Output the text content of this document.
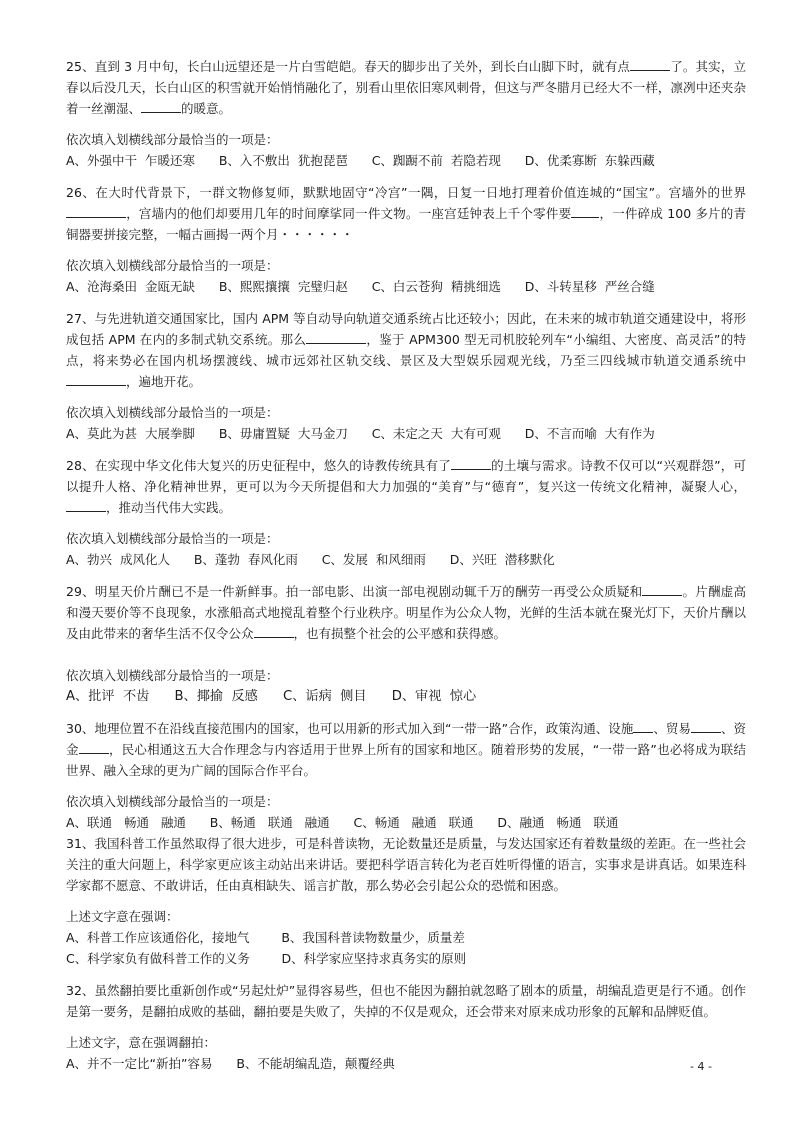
25、直到 3 月中旬，长白山远望还是一片白雪皑皑。春天的脚步出了关外，到长白山脚下时，就有点	了。其实，立春以后没几天，长白山区的积雪就开始悄悄融化了，别看山里依旧寒风刺骨，但这与严冬腊月已经大不一样，凛冽中还夹杂着一丝潮湿、	的暖意。

依次填入划横线部分最恰当的一项是：

A、外强中干  乍暖还寒      B、入不敷出  犹抱琵琶      C、踟蹰不前  若隐若现      D、优柔寡断  东躲西藏

26、在大时代背景下，一群文物修复师，默默地固守“冷宫”一隅，日复一日地打理着价值连城的“国宝”。宫墙外的世界，宫墙内的他们却要用几年的时间摩挲同一件文物。一座宫廷钟表上千个零件要 ，一件碎成 100 多片的青铜器要拼接完整，一幅古画揭一两个月・・・・・・

依次填入划横线部分最恰当的一项是：

A、沧海桑田  金瓯无缺      B、熙熙攘攘  完璧归赵      C、白云苍狗  精挑细选      D、斗转星移  严丝合缝

27、与先进轨道交通国家比，国内 APM 等自动导向轨道交通系统占比还较小；因此，在未来的城市轨道交通建设中，将形成包括 APM 在内的多制式轨交系统。那么	，鉴于 APM300 型无司机胶轮列车“小编组、大密度、高灵活”的特点，将来势必在国内机场摆渡线、城市远郊社区轨交线、景区及大型娱乐园观光线，乃至三四线城市轨道交通系统中，遍地开花。

依次填入划横线部分最恰当的一项是：

A、莫此为甚  大展拳脚      B、毋庸置疑  大马金刀      C、未定之天  大有可观      D、不言而喻  大有作为

28、在实现中华文化伟大复兴的历史征程中，悠久的诗教传统具有了	的土壤与需求。诗教不仅可以“兴观群怨”，可以提升人格、净化精神世界，更可以为今天所提倡和大力加强的“美育”与“德育”，复兴这一传统文化精神，凝聚人心，，推动当代伟大实践。

依次填入划横线部分最恰当的一项是：

A、勃兴  成风化人      B、蓬勃  春风化雨      C、发展  和风细雨      D、兴旺  潜移默化

29、明星天价片酬已不是一件新鲜事。拍一部电影、出演一部电视剧动辄千万的酬劳一再受公众质疑和	。片酬虚高和漫天要价等不良现象，水涨船高式地搅乱着整个行业秩序。明星作为公众人物，光鲜的生活本就在聚光灯下，天价片酬以及由此带来的奢华生活不仅令公众	，也有损整个社会的公平感和获得感。

依次填入划横线部分最恰当的一项是：

A、批评  不齿      B、揶揄  反感      C、诟病  侧目      D、审视  惊心

30、地理位置不在沿线直接范围内的国家，也可以用新的形式加入到“一带一路”合作，政策沟通、设施 、贸易 、资金 ，民心相通这五大合作理念与内容适用于世界上所有的国家和地区。随着形势的发展，“一带一路”也必将成为联结世界、融入全球的更为广阔的国际合作平台。

依次填入划横线部分最恰当的一项是：

A、联通   畅通   融通      B、畅通   联通   融通      C、畅通   融通   联通      D、融通   畅通   联通

31、我国科普工作虽然取得了很大进步，可是科普读物，无论数量还是质量，与发达国家还有着数量级的差距。在一些社会关注的重大问题上，科学家更应该主动站出来讲话。要把科学语言转化为老百姓听得懂的语言，实事求是讲真话。如果连科学家都不愿意、不敢讲话，任由真相缺失、谣言扩散，那么势必会引起公众的恐慌和困惑。

上述文字意在强调：

A、科普工作应该通俗化，接地气        B、我国科普读物数量少，质量差

C、科学家负有做科普工作的义务        D、科学家应坚持求真务实的原则

32、虽然翻拍要比重新创作或“另起灶炉”显得容易些，但也不能因为翻拍就忽略了剧本的质量，胡编乱造更是行不通。创作是第一要务，是翻拍成败的基础，翻拍要是失败了，失掉的不仅是观众，还会带来对原来成功形象的瓦解和品牌贬值。

上述文字，意在强调翻拍：

A、并不一定比“新拍”容易      B、不能胡编乱造，颠覆经典	- 4 -
